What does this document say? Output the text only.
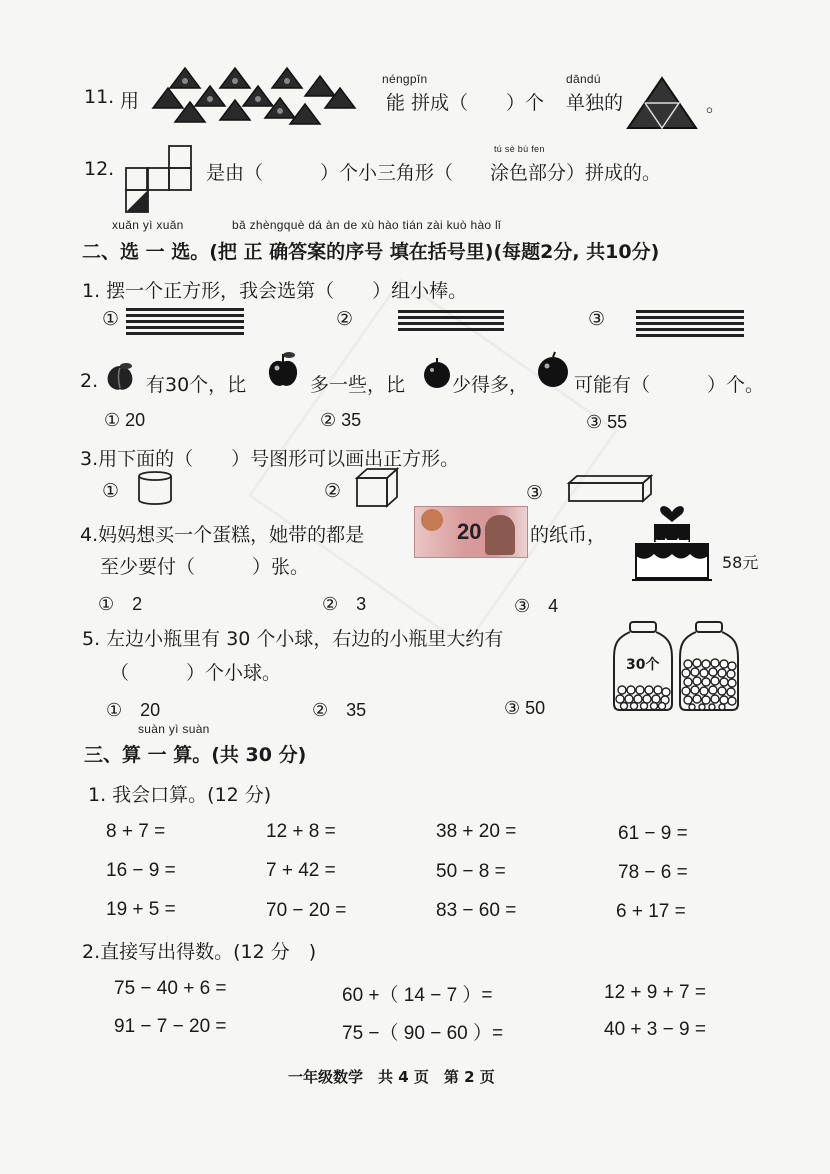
11. 用
néngpīn
能 拼成（　　）个
dāndú
单独的	。
12.	是由（　　　）个小三角形（
tú sè bù fen
涂色部分 ）拼成的。
xuǎn yì xuǎn	bǎ zhèngquè dá àn de xù hào tián zài kuò hào lǐ
二、选 一 选。(把 正 确答案的序号 填在括号里)(每题2分, 共10分)
1. 摆一个正方形，我会选第（　　）组小棒。
①	②	③
2.	有30个，比	多一些，比 少得多， 可能有（　　　）个。
① 20	② 35	③ 55
3.用下面的（　　）号图形可以画出正方形。
①	②	③
4.妈妈想买一个蛋糕，她带的都是	20	的纸币，
至少要付（　　　）张。	58元
①　2	②　3	③　4
5. 左边小瓶里有 30 个小球，右边的小瓶里大约有
（　　　）个小球。	30个
①　20	②　35	③ 50
suàn yì suàn
三、算 一 算。(共 30 分)
1. 我会口算。(12 分)
8 + 7 =	12 + 8 =	38 + 20 =	61 − 9 =
16 − 9 =	7 + 42 =	50 − 8 =	78 − 6 =
19 + 5 =	70 − 20 =	83 − 60 =	6 + 17 =
2.直接写出得数。(12 分　)
75 − 40 + 6 =	60 +（ 14 − 7 ）=	12 + 9 + 7 =
91 − 7 − 20 =	75 −（ 90 − 60 ）=	40 + 3 − 9 =
一年级数学　共 4 页　第 2 页
